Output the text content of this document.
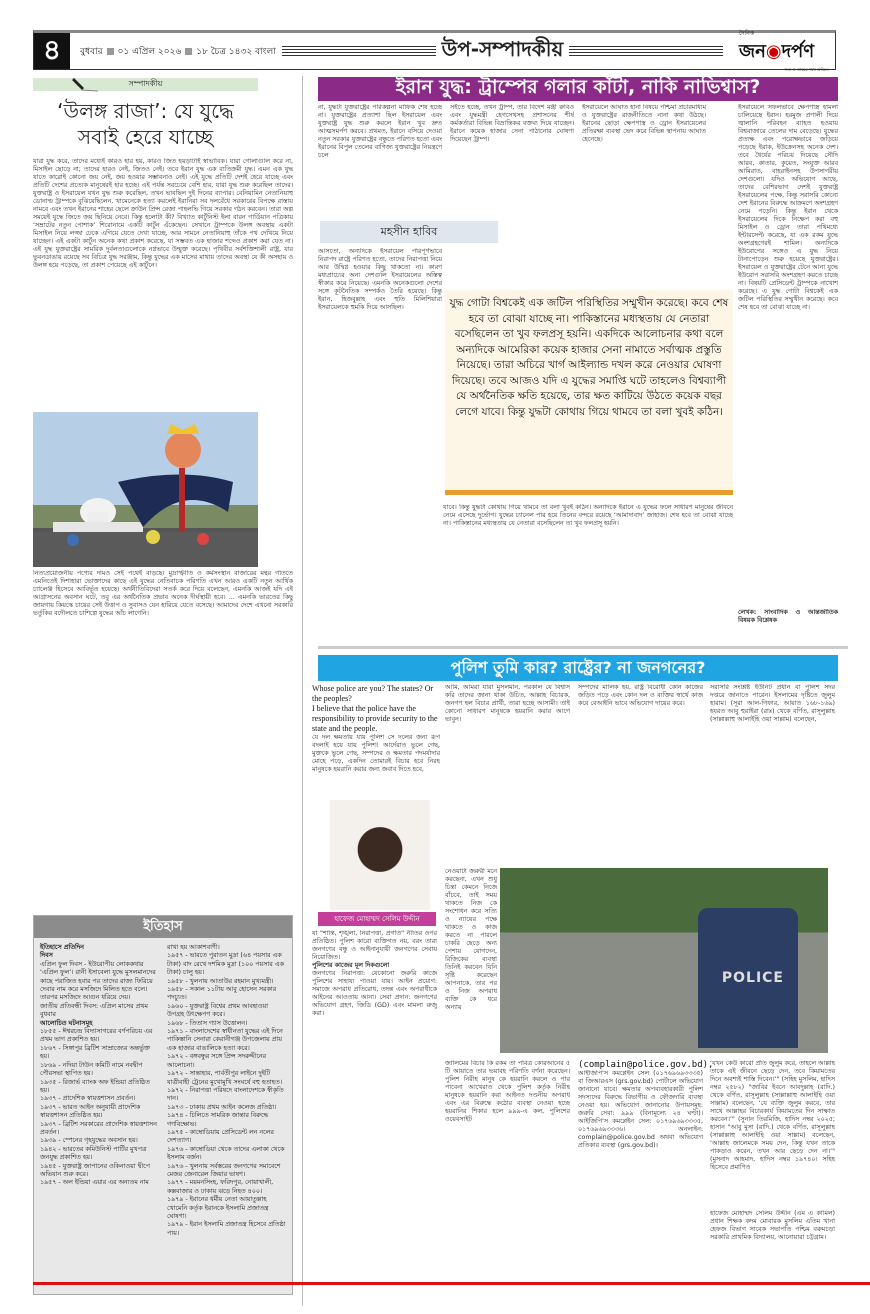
৪	বুধবার ০১ এপ্রিল ২০২৬ ১৮ চৈত্র ১৪৩২ বাংলা	উপ-সম্পাদকীয়
দৈনিক
জন◉দর্পণ
সত্য ও ন্যায়ের পথে অবিচল
সম্পাদকীয়
‘উলঙ্গ রাজা’: যে যুদ্ধে
সবাই হেরে যাচ্ছে
যারা যুদ্ধ করে, তাদের মধ্যেই কারও হার হয়, কারও জিত হয়ড়াটাই স্বাভাবিক। যারা গোলাগুলি করে না, মিসাইল ছোড়ে না; তাদের হারও নেই, জিতও নেই। তবে ইরান যুদ্ধ এক ব্যতিক্রমী যুদ্ধ। এমন এক যুদ্ধ যাতে কারোই কোনো জয় নেই, জয় হওয়ার সম্ভাবনাও নেই। এই যুদ্ধে প্রতিটি দেশই হেরে যাচ্ছে এবং প্রতিটি দেশের প্রত্যেক মানুষেরই হার হচ্ছে। এই পর্যন্ত সবচেয়ে বেশি হার, যারা যুদ্ধ শুরু করেছিল তাদের। যুক্তরাষ্ট্র ও ইসরায়েল যখন যুদ্ধ শুরু করেছিল, তখন ভাবছিল দুই দিনের ব্যাপার। বেনিয়ামিন নেতানিয়াহু ডোনাল্ড ট্রাম্পকে বুঝিয়েছিলেন, খামেনেকে হত্যা করলেই ইরানিরা সব দলবেঁধে সরকারের বিপক্ষে রাস্তায় নামবে এবং তখন ইরানের শাহের ছেলে ক্রাউন প্রিন্স রেজা পাহলভি গিয়ে সরকার গঠন করবেন। তারা অল্প সময়েই যুদ্ধে জিতে জয় ছিনিয়ে নেবে। কিন্তু হলোটা কী? বিখ্যাত কার্টুনিস্ট ইলা বারন গার্ডিয়ান পত্রিকায় ‘সম্রাটের নতুন পোশাক’ শিরোনামে একটি কার্টুন এঁকেছেন। সেখানে ট্রাম্পকে উলঙ্গ অবস্থায় একটা মিসাইল নিয়ে লজ্জা ঢেকে এগিয়ে যেতে দেখা যাচ্ছে, আর সামনে নেতানিয়াহু তাঁকে পথ দেখিয়ে নিয়ে যাচ্ছেন। এই একটা কার্টুন অনেক কথা প্রকাশ করেছে, যা সম্ভবত এক হাজার শব্দেও প্রকাশ করা যেত না। এই যুদ্ধ যুক্তরাষ্ট্রের সামরিক দুর্বলতাগুলোকে নগ্নভাবে উন্মুক্ত করেছে। পৃথিবীর সর্বশক্তিশালী রাষ্ট্র, যার ভুবনডাঙায় রয়েছে সব বিচিত্র যুদ্ধ সরঞ্জাম, কিন্তু যুদ্ধের এক মাসের মাথায় তাদের অবস্থা যে কী অসহায় ও উলঙ্গ হয়ে পড়েছে, তা প্রকাশ পেয়েছে এই কার্টুনে।
নিত্যপ্রয়োজনীয় পণ্যের দামও সেই পথেই বাড়ছে। মুদ্রাস্ফীতি ও কর্মসংস্থান বাজারের মন্থর গতিতে এমনিতেই দিশাহারা ভোক্তাদের কাছে এই যুদ্ধের নেতিবাচক পরিণতি এখন আরও একটি নতুন আর্থিক চ্যালেঞ্জ হিসেবে আবির্ভূত হয়েছে। অর্থনীতিবিদেরা সতর্ক করে দিয়ে বলেছেন, এমনকি আজই যদি এই আগ্রাসনের অবসান ঘটে, তবু এর অর্থনৈতিক প্রভাব অনেক দীর্ঘস্থায়ী হবে। ... এমনকি ভারতের কিছু জায়গায় কিয়স্কে চায়ের সেই উত্তাপ ও সুবাসও যেন হারিয়ে যেতে বসেছে। আমাদের দেশে এখনো সরকারি ভর্তুকির বদৌলতে চাশিল্পে যুদ্ধের আঁচ লাগেনি।
ইতিহাস
ইতিহাসে প্রতিদিন
দিবস
এপ্রিল ফুল দিবস - ইউরোপীয় লোককথার ‘এপ্রিল ফুল’। রানী ইসাবেলা যুদ্ধে মুসলমানদের কাছে পরাজিত হবার পর তাদের রাজ্য ফিরিয়ে দেবার নাম করে মসজিদে মিলিত হতে বলে। তারপর মসজিদে আগুন ধরিয়ে দেয়।
জাতীয় প্রতিবন্ধী দিবস: এপ্রিল মাসের প্রথম বুধবার
আলোচিত ঘটনাসমূহ
১৮৫৫ - ঈশ্বরচন্দ্র বিদ্যাসাগরের বর্ণপরিচয় এর প্রথম ভাগ প্রকাশিত হয়।
১৮৬৭ - সিঙ্গাপুর ব্রিটিশ সাম্রাজ্যের অন্তর্ভুক্ত হয়।
১৮৬৯ - নদিয়া টাউন কমিটি নামে নবদ্বীপ পৌরসভা স্থাপিত হয়।
১৯৩৫ - রিজার্ভ ব্যাংক অফ ইন্ডিয়া প্রতিষ্ঠিত হয়।
১৯৩৭ - প্রাদেশিক স্বায়ত্তশাসন প্রবর্তন।
১৯৩৭ - ভারত আইন অনুযায়ী প্রাদেশিক স্বায়ত্তশাসন প্রতিষ্ঠিত হয়।
১৯৩৭ - ব্রিটিশ সরকারের প্রাদেশিক স্বায়ত্তশাসন প্রবর্তন।
১৯৩৯ - স্পেনের গৃহযুদ্ধের অবসান হয়।
১৯৪২ - ভারতের কমিউনিস্ট পার্টির মুখপত্র জনযুদ্ধ প্রকাশিত হয়।
১৯৪৫ - যুক্তরাষ্ট্র জাপানের ওকিনাওয়া দ্বীপে অভিযান শুরু করে।
১৯৫৭ - অল ইন্ডিয়া এয়ার এর অন্যতম নাম
রাখা হয় আকাশবাণী।
১৯৫৭ - ভারতে পুরাতন মুদ্রা (৬৪ পয়সার এক টাকা) বাদ রেখে দশমিক মুদ্রা (১০০ পয়সার এক টাকা) চালু হয়।
১৯৫৮ - খুলনায় আতাউর রহমান মুখ্যমন্ত্রী।
১৯৫৮ - সকাল ১১টায় আবু হোসেন সরকার পদচ্যুত।
১৯৬০ - যুক্তরাষ্ট্র বিশ্বের প্রথম আবহাওয়া উপগ্রহ উৎক্ষেপণ করে।
১৯৬৮ - তিতাস গ্যাস উত্তোলন।
১৯৭১ - বাংলাদেশের স্বাধীনতা যুদ্ধের এই দিনে পাকিস্তানি সেনারা কেরানীগঞ্জ উপজেলায় প্রায় এক হাজার বাঙালিকে হত্যা করে।
১৯৭২ - বঙ্গবন্ধুর সঙ্গে প্রিন্স সদরুদ্দীনের আলোচনা।
১৯৭২ - সান্তাহার, পার্বতীপুর লাইনে দুইটি যাত্রীবাহী ট্রেনের মুখোমুখি সংঘর্ষে বহু হতাহত।
১৯৭২ - নিরাপত্তা পরিষদে বাংলাদেশকে স্বীকৃতি দান।
১৯৭৩ - ঢাকায় প্রথম আইন কলেজ প্রতিষ্ঠা।
১৯৭৪ - চিলিতে সামরিক জান্তার বিরুদ্ধে গণবিক্ষোভ।
১৯৭৫ - কাম্বোডিয়ায় প্রেসিডেন্ট লন নলের দেশত্যাগ।
১৯৭৬ - কাম্বোডিয়া থেকে তাদের এলাকা থেকে ইসলাম বর্জন।
১৯৭৬ - খুলনায় সর্বস্তরের জনগণের সমাবেশে মেজর জেনারেল জিয়ার ভাষণ।
১৯৭৭ - ময়মনসিংহ, ফরিদপুর, নোয়াখালী, কক্সবাজার ও ঢাকায় ঝড়ে নিহত ৪০০।
১৯৭৯ - ইরানের ধর্মীয় নেতা আয়াতুল্লাহ খোমেনি কর্তৃক ইরানকে ইসলামি প্রজাতন্ত্র ঘোষণা।
১৯৭৯ - ইরান ইসলামি প্রজাতন্ত্র হিসেবে প্রতিষ্ঠা পায়।
ইরান যুদ্ধ: ট্রাম্পের গলার কাঁটা, নাকি নাভিশ্বাস?
না, যুদ্ধটা যুক্তরাষ্ট্রের পরিকল্পনা মাফিক শেষ হচ্ছে না। যুক্তরাষ্ট্রের প্রত্যাশা ছিল ইসরায়েল এবং যুক্তরাষ্ট্র যুদ্ধ শুরু করলে ইরান খুব দ্রুত আত্মসমর্পণ করবে। প্রথমত, ইরানে বসিয়ে দেওয়া নতুন সরকার যুক্তরাষ্ট্রের বন্ধুতে পরিণত হতো এবং ইরানের বিপুল তেলের বাণিজ্য যুক্তরাষ্ট্রের নিয়ন্ত্রণে চলে
আসতো, অন্যদিকে ইসরায়েল পরিপূর্ণভাবে নিরাপদ রাষ্ট্রে পরিণত হতো, তাদের নিরাপত্তা নিয়ে আর উদ্বিগ্ন হওয়ার কিছু থাকতো না। কারণ মধ্যপ্রাচ্যের অন্য দেশগুলি ইসরায়েলের অস্তিত্ব স্বীকার করে নিয়েছে। এমনকি অনেকগুলো দেশের সঙ্গে কূটনৈতিক সম্পর্কও তৈরি হয়েছে। কিন্তু ইরান, হিজবুল্লাহ এবং হুতি মিলিশিয়ারা ইসরায়েলকে হুমকি দিয়ে আসছিল।
সইতে হচ্ছে, তখন ট্রাম্প, তার বিদেশ মন্ত্রী রুবিও এবং যুদ্ধমন্ত্রী হেগসেথসহ প্রশাসনের শীর্ষ কর্মকর্তারা বিভিন্ন বিভ্রান্তিকর বক্তব্য দিয়ে যাচ্ছেন। ইরানে কয়েক হাজার সেনা পাঠানোর ঘোষণা দিয়েছেন ট্রাম্প।
ইসরায়েলে আঘাত হানা বিষয়ে পশ্চিমা প্রচারমাধ্যম ও যুক্তরাষ্ট্রের রাজনীতিতে নানা কথা উঠছে। ইরানের ছোড়া ক্ষেপণাস্ত্র ও ড্রোন ইসরায়েলের প্রতিরক্ষা ব্যবস্থা ভেদ করে বিভিন্ন স্থাপনায় আঘাত হেনেছে।
ইসরায়েলে সফলভাবে ক্ষেপণাস্ত্র হামলা চালিয়েছে ইরান। হরমুজ প্রণালী দিয়ে জ্বালানি পরিবহন ব্যাহত হওয়ায় বিশ্ববাজারে তেলের দাম বেড়েছে। যুদ্ধের প্রত্যক্ষ এবং পরোক্ষভাবে জড়িয়ে পড়েছে ইরাক, ইউক্রেনসহ অনেক দেশ। তবে ধৈর্যের পরিচয় দিয়েছে সৌদি আরব, কাতার, কুয়েত, সংযুক্ত আরব আমিরাত, বাহরাইনসহ উপসাগরীয় দেশগুলো। যদিও অভিযোগ আছে, তাদের বেশিরভাগ দেশই যুক্তরাষ্ট্র ইসরায়েলের পক্ষে, কিন্তু সরাসরি কোনো দেশ ইরানের বিরুদ্ধে আক্রমণে অংশগ্রহণ নেমে পড়েনি। কিন্তু ইরান থেকে ইসরায়েলের দিকে নিক্ষেপ করা বহু মিসাইল ও ড্রোন তারা পথিমধ্যে ইন্টারসেপ্ট করেছে, যা এক রকম যুদ্ধে অংশগ্রহণেরই শামিল। অন্যদিকে ইউরোপের সঙ্গেও এ যুদ্ধ নিয়ে টানাপোড়েন শুরু হয়েছে যুক্তরাষ্ট্রের। ইসরায়েল ও যুক্তরাষ্ট্রের টেনে আনা যুদ্ধে ইউরোপ সরাসরি অংশগ্রহণ করতে চাচ্ছে না। বিষয়টি প্রেসিডেন্ট ট্রাম্পকে নাখোশ করেছে। এ যুদ্ধ গোটা বিশ্বকেই এক জটিল পরিস্থিতির সম্মুখীন করেছে। কবে শেষ হবে তা বোঝা যাচ্ছে না।
যাবে। কিন্তু যুদ্ধটা কোথায় গিয়ে থামবে তা বলা খুবই কঠিন। অন্যদিকে ইরানে এ যুদ্ধের ফলে সাধারণ মানুষের জীবনে নেমে এসেছে দুর্ভোগ। যুদ্ধের চ্যানেল পার হয়ে তিনের বন্দরে রয়েছে ‘আমাদাবাদ’ জাহাজ। শেষ হবে তা বোঝা যাচ্ছে না। পাকিস্তানের মধ্যস্থতায় যে নেতারা বসেছিলেন তা খুব ফলপ্রসূ হয়নি।
লেখক: সাংবাদিক ও আন্তর্জাতিক বিষয়ক বিশ্লেষক
মহসীন হাবিব
যুদ্ধ গোটা বিশ্বকেই এক জটিল পরিস্থিতির সম্মুখীন করেছে। কবে শেষ হবে তা বোঝা যাচ্ছে না। পাকিস্তানের মধ্যস্থতায় যে নেতারা বসেছিলেন তা খুব ফলপ্রসূ হয়নি। একদিকে আলোচনার কথা বলে অন্যদিকে আমেরিকা কয়েক হাজার সেনা নামাতে সর্বাত্মক প্রস্তুতি নিয়েছে। তারা অচিরে খার্গ আইল্যান্ড দখল করে নেওয়ার ঘোষণা দিয়েছে। তবে আজও যদি এ যুদ্ধের সমাপ্তি ঘটে তাহলেও বিশ্বব্যাপী যে অর্থনৈতিক ক্ষতি হয়েছে, তার ক্ষত কাটিয়ে উঠতে কয়েক বছর লেগে যাবে। কিন্তু যুদ্ধটা কোথায় গিয়ে থামবে তা বলা খুবই কঠিন।
পুলিশ তুমি কার? রাষ্ট্রের? না জনগনের?
Whose police are you? The states? Or the peoples?
I believe that the police have the responsibility to provide security to the state and the people.
যে দল ক্ষমতায় যায় পুলিশ সে দলের জন্য রূপ বদলাই হয়ে যায় পুলিশ! আর্দেরাত ভুলে গেছ, মুক্তকে ভুলে গেছ, সম্পদের ও ক্ষমতার পদমর্যাদার মোহে পড়ে, একদিন তোমারই বিচার হবে নিরহ মানুষকে হয়রানি করার জন্য জবাব দিতে হবে,
হাফেজ মোহাম্মদ সেলিম উদ্দীন
যা "শান্তি, শৃঙ্খলা, নিরাপত্তা, প্রগতি" নীতির ওপর প্রতিষ্ঠিত। পুলিশ কারো ব্যক্তিগত নয়, বরং তারা জনগণের বন্ধু ও আইনানুযায়ী জনগণের সেবায় নিয়োজিত।
পুলিশের কাজের মূল দিকগুলো
জনগণের নিরাপত্তা: যেকোনো জরুরি কাজে পুলিশের সাহায্য পাওয়া যায়। আইন প্রয়োগ: সমাজে অপরাধ প্রতিরোধ, তদন্ত এবং অপরাধীকে আইনের আওতায় আনা। সেবা প্রদান: জনগণের অভিযোগ গ্রহণ, জিডি (GD) এবং মামলা রুজু করা।
আমি, আমরা যারা মুসলমান, পরকাল যে বিশ্বাস করি তাদের জানা থাকা উচিত, আল্লাহ বিচারক, জনগণ হল বিচার প্রার্থী, তারা হচ্ছে আসামী। তাই কোনো সাধারণ মানুষকে হয়রানি করার আগে ভাবুন।
সম্পদের মালিক হয়, রাষ্ট্র বিরোধী কোন কাজের জড়িত পড়ে এবং কোন দল ও ব্যক্তির স্বার্থে কাজ করে বেআইনি ভাবে অভিযোগ দায়ের করে।
সরাসরি সংশ্লিষ্ট ইউনিট প্রধান বা পুলিশ সদর দপ্তরে জানাতে পারেন। ইসলামের দৃষ্টিতে জুলুম হারাম। (সূরা আল-গিফার, আয়াত ১৬৮-১৬৯) হযরত আবু হুরাইরা (রাঃ) থেকে বর্ণিত, রাসূলুল্লাহ (সাল্লাল্লাহু আলাইহি ওয়া সাল্লাম) বলেছেন,
নেওয়াটা জরুরী মনে করছেনা, এখন শুধু চিন্তা কেমনে নিজে বাঁচবে, তাই সময় থাকতে নিজ কে সংশোধন করে সত্যি ও ন্যায়ের পক্ষে থাকতে ও কাজ করতে না পারলে চাকরি ছেড়ে অন্য পেশায় যোগদেন, রিজিকের ব্যবস্থা তিনিই করবেন যিনি সৃষ্টি করেছেন আপনাকে, তার পর ও নিজ অপরাধ ব্যক্তি কে ধরে অন্যায়
POLICE
জালিমের বিচার কি রকম তা পবিত্র কোরআনের ৫ টি আয়াতে তার ভয়াবহ পরিণতি বর্ণনা করেছেন। পুলিশ নিরীহ মানুষ কে হয়রানি করলে ও পার পাবেনা আখেরাত থেকে পুলিশ কর্তৃক নিরীহ মানুষকে হয়রানি করা আইনত দণ্ডনীয় অপরাধ এবং এর বিরুদ্ধে কঠোর ব্যবস্থা নেওয়া হচ্ছে হয়রানির শিকার হলে ৯৯৯-এ কল, পুলিশের ওয়েবসাইট
(complain@police.gov.bd),
আইজিপি'স কমপ্লেইন সেল (০১৭৬৯৬৯৩৩৩৫) বা জিআরএস (grs.gov.bd) পোর্টালে অভিযোগ জানানো যাবে। ক্ষমতার অপব্যবহারকারী পুলিশ সদস্যদের বিরুদ্ধে বিভাগীয় ও ফৌজদারি ব্যবস্থা নেওয়া হয়। অভিযোগ জানানোর উপায়সমূহ: জরুরি সেবা: ৯৯৯ (বিনামূল্যে ২৪ ঘণ্টা)। আইজিপি'স কমপ্লেইন সেল: ০১৭৬৯৬৯৩৩৩৫, ০১৭৬৯৬৯৩৩৩৬। অনলাইন: complain@police.gov.bd অথবা অভিযোগ প্রতিকার ব্যবস্থা (grs.gov.bd)।
‘যখন কেউ কারো প্রতি জুলুম করে, তাহলে আল্লাহ তাকে এই জীবনে ছেড়ে দেন, তবে কিয়ামতের দিনে অবশ্যই শাস্তি দিবেন।’" (সহিহ মুসলিম, হাদিস নম্বর ২৫৮২) "জাবির ইবনে আবদুল্লাহ (রাদি.) থেকে বর্ণিত, রাসূলুল্লাহ (সাল্লাল্লাহু আলাইহি ওয়া সাল্লাম) বলেছেন, ‘যে ব্যক্তি জুলুম করবে, তার সাথে আল্লাহর বিচারকার্য কিয়ামতের দিন সাক্ষাত করবেন।’" (সুনান তিরমিজি, হাদিস নম্বর ২০২৫; হাসান "আবু মুসা (রাদি.) থেকে বর্ণিত, রাসূলুল্লাহ (সাল্লাল্লাহু আলাইহি ওয়া সাল্লাম) বলেছেন, ‘আল্লাহ জালেমকে সময় দেন, কিন্তু যখন তাকে পাকড়াও করেন, তখন আর ছেড়ে দেন না।’" (মুসনাদ আহমাদ, হাদিস নম্বর ১৯৭৪০। সহিহ হিসেবে প্রমাণিত
হাফেজ মোহাম্মদ সেলিম উদ্দীন (এম এ কামিল) প্রধান শিক্ষক কদম মোবারক মুসলিম এতিম খানা হেফজ বিভাগ সাবেক সভাপতি পশ্চিম বরুমচড়া সরকারি প্রাথমিক বিদ্যালয়, আনোয়ারা চট্টগ্রাম।
